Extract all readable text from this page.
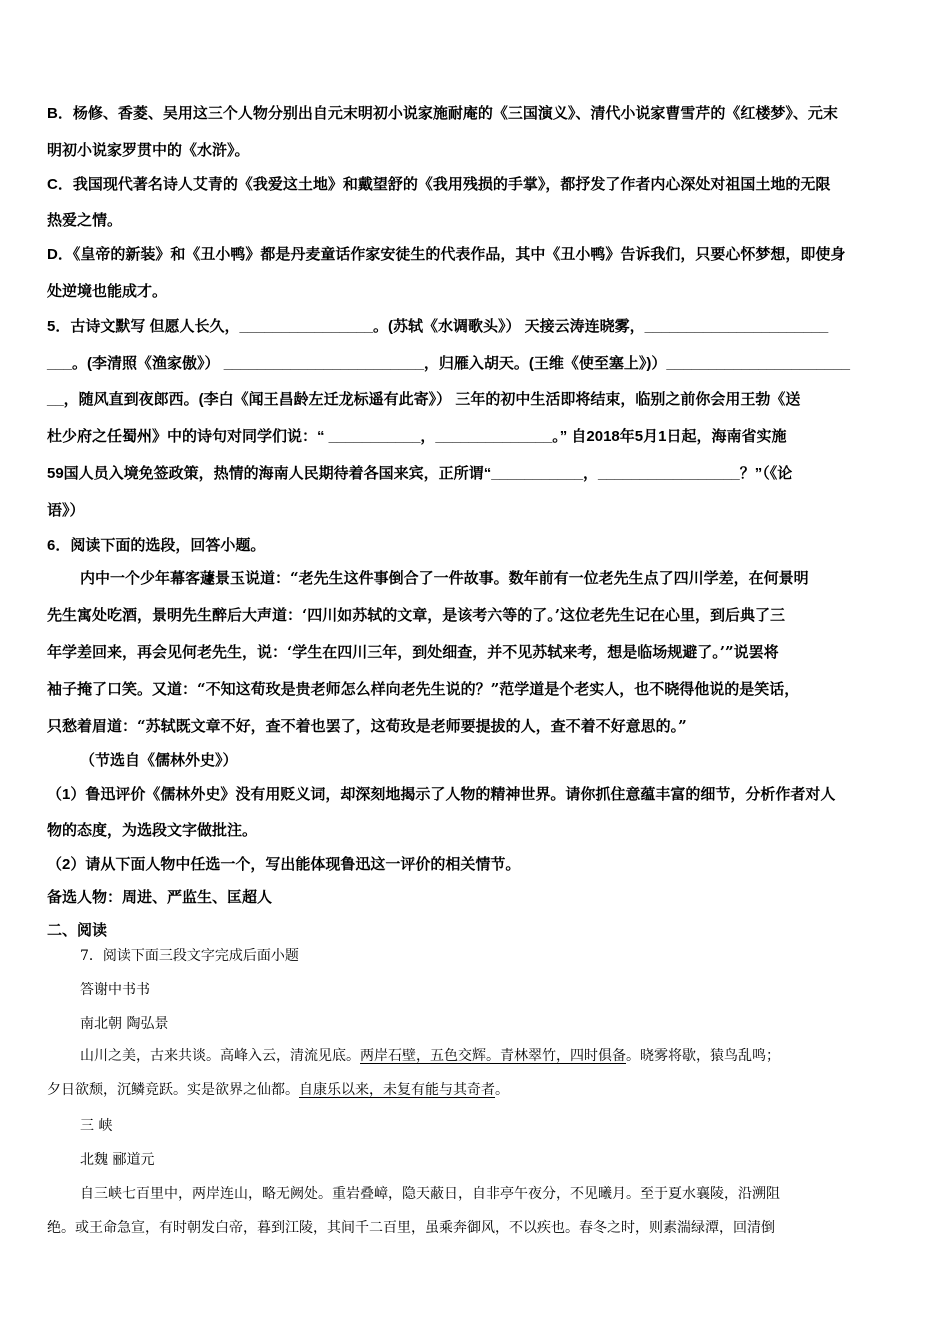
B．杨修、香菱、吴用这三个人物分别出自元末明初小说家施耐庵的《三国演义》、清代小说家曹雪芹的《红楼梦》、元末
明初小说家罗贯中的《水浒》。
C．我国现代著名诗人艾青的《我爱这土地》和戴望舒的《我用残损的手掌》，都抒发了作者内心深处对祖国土地的无限
热爱之情。
D．《皇帝的新装》和《丑小鸭》都是丹麦童话作家安徒生的代表作品，其中《丑小鸭》告诉我们，只要心怀梦想，即使身
处逆境也能成才。
5．古诗文默写 但愿人长久，________________。(苏轼《水调歌头》） 天接云涛连晓雾，______________________
___。(李清照《渔家傲》） ________________________，归雁入胡天。(王维《使至塞上》)）______________________
__，随风直到夜郎西。(李白《闻王昌龄左迁龙标遥有此寄》） 三年的初中生活即将结束，临别之前你会用王勃《送
杜少府之任蜀州》中的诗句对同学们说：“ ___________，______________。” 自2018年5月1日起，海南省实施
59国人员入境免签政策，热情的海南人民期待着各国来宾，正所谓“___________，_________________？”（《论
语》）
6．阅读下面的选段，回答小题。
内中一个少年幕客蘧景玉说道：“老先生这件事倒合了一件故事。数年前有一位老先生点了四川学差，在何景明
先生寓处吃酒，景明先生醉后大声道：‘四川如苏轼的文章，是该考六等的了。’这位老先生记在心里，到后典了三
年学差回来，再会见何老先生，说：‘学生在四川三年，到处细查，并不见苏轼来考，想是临场规避了。’”说罢将
袖子掩了口笑。又道：“不知这荀玫是贵老师怎么样向老先生说的？”范学道是个老实人，也不晓得他说的是笑话，
只愁着眉道：“苏轼既文章不好，查不着也罢了，这荀玫是老师要提拔的人，查不着不好意思的。”
（节选自《儒林外史》）
（1）鲁迅评价《儒林外史》没有用贬义词，却深刻地揭示了人物的精神世界。请你抓住意蕴丰富的细节，分析作者对人
物的态度，为选段文字做批注。
（2）请从下面人物中任选一个，写出能体现鲁迅这一评价的相关情节。
备选人物：周进、严监生、匡超人
二、阅读
7．阅读下面三段文字完成后面小题
答谢中书书
南北朝 陶弘景
山川之美，古来共谈。高峰入云，清流见底。两岸石壁，五色交辉。青林翠竹，四时俱备。晓雾将歇，猿鸟乱鸣；
夕日欲颓，沉鳞竞跃。实是欲界之仙都。自康乐以来，未复有能与其奇者。
三 峡
北魏 郦道元
自三峡七百里中，两岸连山，略无阙处。重岩叠嶂，隐天蔽日，自非亭午夜分，不见曦月。至于夏水襄陵，沿溯阻
绝。或王命急宣，有时朝发白帝，暮到江陵，其间千二百里，虽乘奔御风，不以疾也。春冬之时，则素湍绿潭，回清倒
